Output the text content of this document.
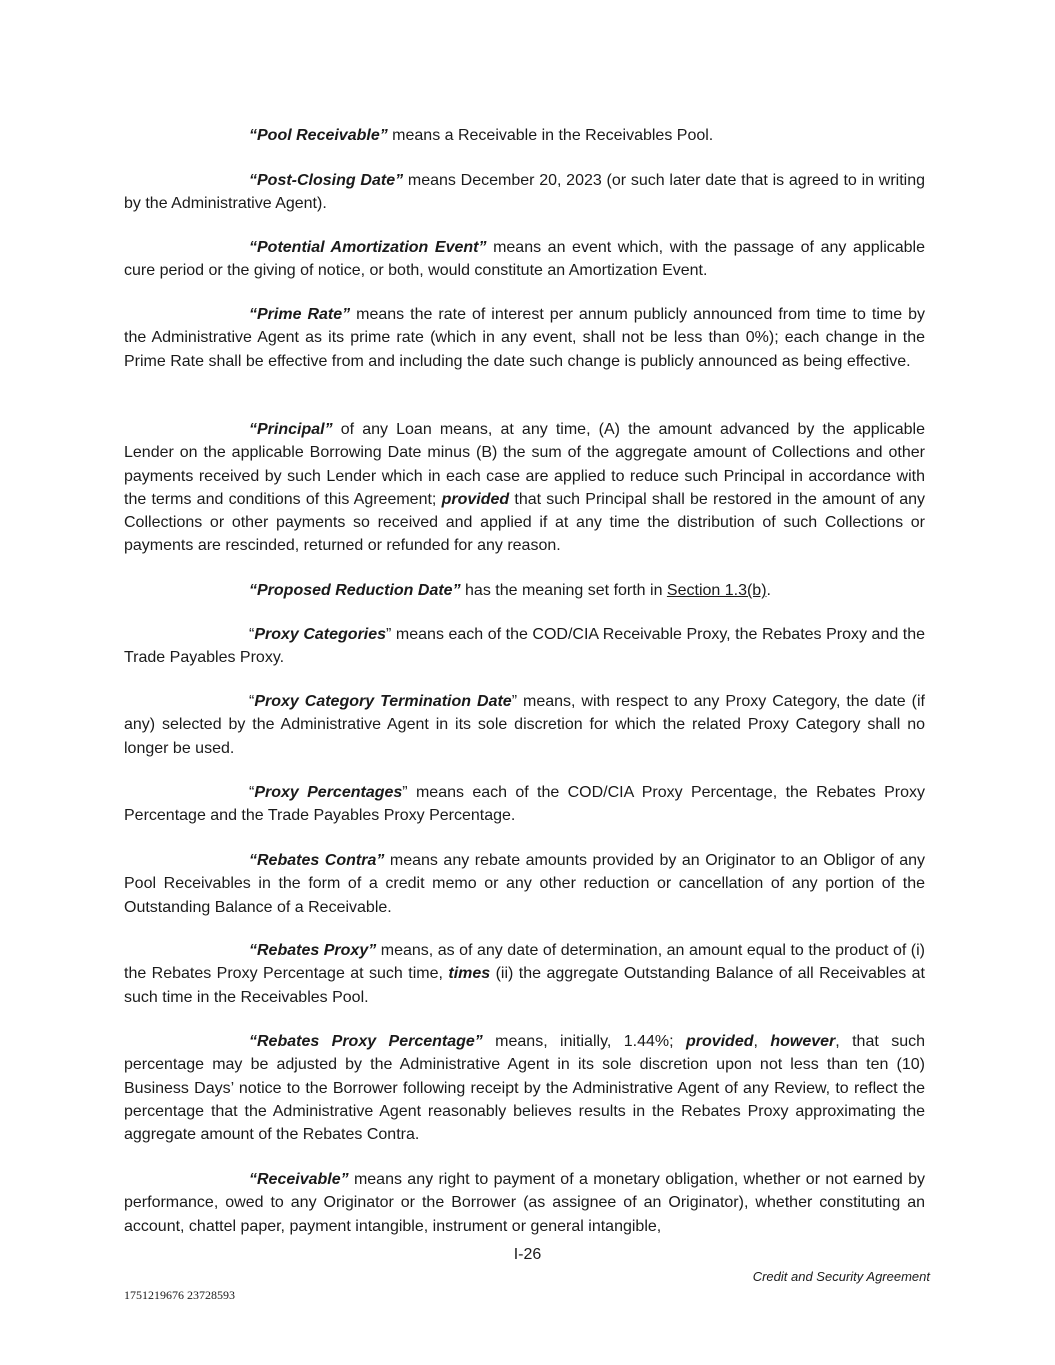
“Pool Receivable” means a Receivable in the Receivables Pool.

“Post-Closing Date” means December 20, 2023 (or such later date that is agreed to in writing by the Administrative Agent).

“Potential Amortization Event” means an event which, with the passage of any applicable cure period or the giving of notice, or both, would constitute an Amortization Event.

“Prime Rate” means the rate of interest per annum publicly announced from time to time by the Administrative Agent as its prime rate (which in any event, shall not be less than 0%); each change in the Prime Rate shall be effective from and including the date such change is publicly announced as being effective.

“Principal” of any Loan means, at any time, (A) the amount advanced by the applicable Lender on the applicable Borrowing Date minus (B) the sum of the aggregate amount of Collections and other payments received by such Lender which in each case are applied to reduce such Principal in accordance with the terms and conditions of this Agreement; provided that such Principal shall be restored in the amount of any Collections or other payments so received and applied if at any time the distribution of such Collections or payments are rescinded, returned or refunded for any reason.

“Proposed Reduction Date” has the meaning set forth in Section 1.3(b).

“Proxy Categories” means each of the COD/CIA Receivable Proxy, the Rebates Proxy and the Trade Payables Proxy.

“Proxy Category Termination Date” means, with respect to any Proxy Category, the date (if any) selected by the Administrative Agent in its sole discretion for which the related Proxy Category shall no longer be used.

“Proxy Percentages” means each of the COD/CIA Proxy Percentage, the Rebates Proxy Percentage and the Trade Payables Proxy Percentage.

“Rebates Contra” means any rebate amounts provided by an Originator to an Obligor of any Pool Receivables in the form of a credit memo or any other reduction or cancellation of any portion of the Outstanding Balance of a Receivable.

“Rebates Proxy” means, as of any date of determination, an amount equal to the product of (i) the Rebates Proxy Percentage at such time, times (ii) the aggregate Outstanding Balance of all Receivables at such time in the Receivables Pool.

“Rebates Proxy Percentage” means, initially, 1.44%; provided, however, that such percentage may be adjusted by the Administrative Agent in its sole discretion upon not less than ten (10) Business Days’ notice to the Borrower following receipt by the Administrative Agent of any Review, to reflect the percentage that the Administrative Agent reasonably believes results in the Rebates Proxy approximating the aggregate amount of the Rebates Contra.

“Receivable” means any right to payment of a monetary obligation, whether or not earned by performance, owed to any Originator or the Borrower (as assignee of an Originator), whether constituting an account, chattel paper, payment intangible, instrument or general intangible,

I-26
Credit and Security Agreement
1751219676 23728593
